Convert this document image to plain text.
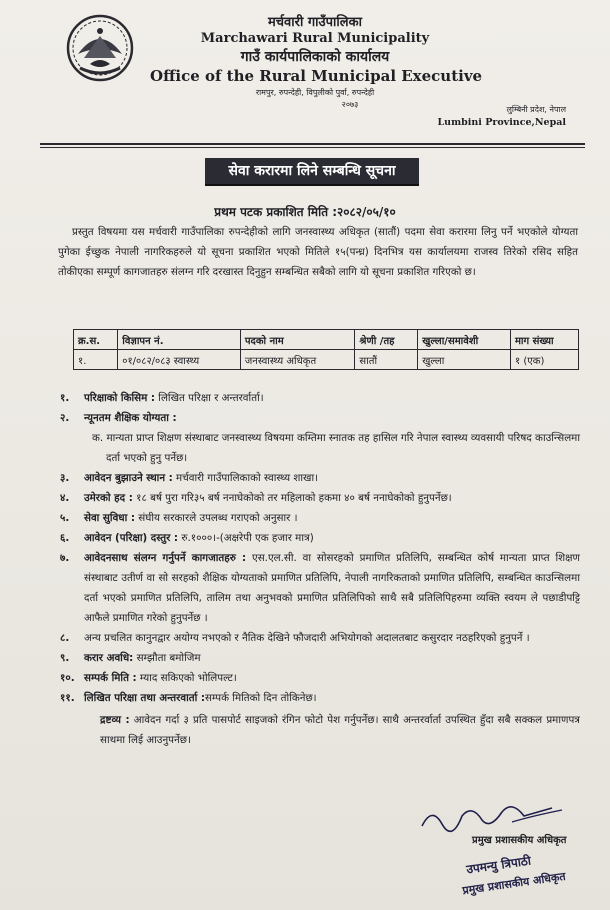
मर्चवारी गाउँपालिका
Marchawari Rural Municipality
गाउँ कार्यपालिकाको कार्यालय
Office of the Rural Municipal Executive
रामपुर, रुपन्देही, विपुलीको पुर्वा, रुपन्देही
२०७३
लुम्बिनी प्रदेश, नेपाल
Lumbini Province,Nepal
सेवा करारमा लिने सम्बन्धि सूचना
प्रथम पटक प्रकाशित मिति :२०८२/०५/१०
प्रस्तुत विषयमा यस मर्चवारी गाउँपालिका रुपन्देहीको लागि जनस्वास्थ्य अधिकृत (सातौं) पदमा सेवा करारमा लिनु पर्ने भएकोले योग्यता पुगेका ईच्छुक नेपाली नागरिकहरुले यो सूचना प्रकाशित भएको मितिले १५(पन्ध्र) दिनभित्र यस कार्यालयमा राजस्व तिरेको रसिद सहित तोकीएका सम्पूर्ण कागजातहरु संलग्न गरि दरखास्त दिनुहुन सम्बन्धित सबैको लागि यो सूचना प्रकाशित गरिएको छ।
क्र.स.	विज्ञापन नं.	पदको नाम	श्रेणी /तह	खुल्ला/समावेशी	माग संख्या
१.	०१/०८२/०८३ स्वास्थ्य	जनस्वास्थ्य अधिकृत	सातौं	खुल्ला	१ (एक)
१. परिक्षाको किसिम : लिखित परिक्षा र अन्तरर्वार्ता।
२. न्यूनतम शैक्षिक योग्यता :
क. मान्यता प्राप्त शिक्षण संस्थाबाट जनस्वास्थ्य विषयमा कम्तिमा स्नातक तह हासिल गरि नेपाल स्वास्थ्य व्यवसायी परिषद काउन्सिलमा दर्ता भएको हुनु पर्नेछ।
३. आवेदन बुझाउने स्थान : मर्चवारी गाउँपालिकाको स्वास्थ्य शाखा।
४. उमेरको हद : १८ बर्ष पुरा गरि३५ बर्ष ननाघेकोको तर महिलाको हकमा ४० बर्ष ननाघेकोको हुनुपर्नेछ।
५. सेवा सुविधा : संघीय सरकारले उपलब्ध गराएको अनुसार ।
६. आवेदन (परिक्षा) दस्तुर : रु.१०००।-(अक्षरेपी एक हजार मात्र)
७. आवेदनसाथ संलग्न गर्नुपर्ने कागजातहरु : एस.एल.सी. वा सोसरहको प्रमाणित प्रतिलिपि, सम्बन्धित कोर्ष मान्यता प्राप्त शिक्षण संस्थाबाट उतीर्ण वा सो सरहको शैक्षिक योग्यताको प्रमाणित प्रतिलिपि, नेपाली नागरिकताको प्रमाणित प्रतिलिपि, सम्बन्धित काउन्सिलमा दर्ता भएको प्रमाणित प्रतिलिपि, तालिम तथा अनुभवको प्रमाणित प्रतिलिपिको साथै सबै प्रतिलिपिहरुमा व्यक्ति स्वयम ले पछाडीपट्टि आफैले प्रमाणित गरेको हुनुपर्नेछ ।
८. अन्य प्रचलित कानुनद्वार अयोग्य नभएको र नैतिक देखिने फौजदारी अभियोगको अदालतबाट कसुरदार नठहरिएको हुनुपर्ने ।
९. करार अवधि: सम्झौता बमोजिम
१०. सम्पर्क मिति : म्याद सकिएको भोलिपल्ट।
११. लिखित परिक्षा तथा अन्तरवार्ता :सम्पर्क मितिको दिन तोकिनेछ।
द्रष्टव्य : आवेदन गर्दा ३ प्रति पासपोर्ट साइजको रंगिन फोटो पेश गर्नुपर्नेछ। साथै अन्तरर्वार्ता उपस्थित हुँदा सबै सक्कल प्रमाणपत्र साथमा लिई आउनुपर्नेछ।
प्रमुख प्रशासकीय अधिकृत
उपमन्यु त्रिपाठी
प्रमुख प्रशासकीय अधिकृत
